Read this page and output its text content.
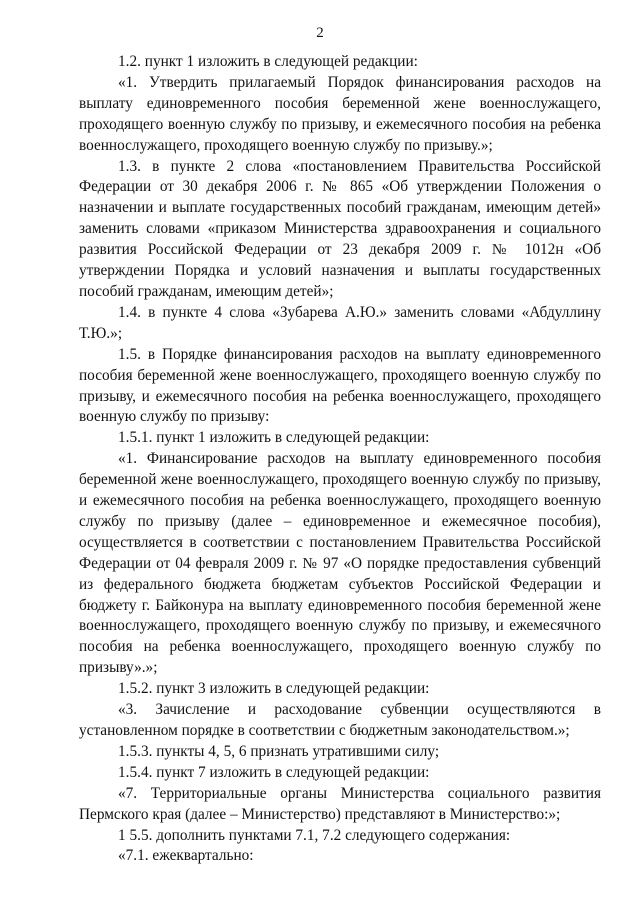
2

1.2. пункт 1 изложить в следующей редакции:

«1. Утвердить прилагаемый Порядок финансирования расходов на выплату единовременного пособия беременной жене военнослужащего, проходящего военную службу по призыву, и ежемесячного пособия на ребенка военнослужащего, проходящего военную службу по призыву.»;

1.3. в пункте 2 слова «постановлением Правительства Российской Федерации от 30 декабря 2006 г. № 865 «Об утверждении Положения о назначении и выплате государственных пособий гражданам, имеющим детей» заменить словами «приказом Министерства здравоохранения и социального развития Российской Федерации от 23 декабря 2009 г. № 1012н «Об утверждении Порядка и условий назначения и выплаты государственных пособий гражданам, имеющим детей»;

1.4. в пункте 4 слова «Зубарева А.Ю.» заменить словами «Абдуллину Т.Ю.»;

1.5. в Порядке финансирования расходов на выплату единовременного пособия беременной жене военнослужащего, проходящего военную службу по призыву, и ежемесячного пособия на ребенка военнослужащего, проходящего военную службу по призыву:

1.5.1. пункт 1 изложить в следующей редакции:

«1. Финансирование расходов на выплату единовременного пособия беременной жене военнослужащего, проходящего военную службу по призыву, и ежемесячного пособия на ребенка военнослужащего, проходящего военную службу по призыву (далее – единовременное и ежемесячное пособия), осуществляется в соответствии с постановлением Правительства Российской Федерации от 04 февраля 2009 г. № 97 «О порядке предоставления субвенций из федерального бюджета бюджетам субъектов Российской Федерации и бюджету г. Байконура на выплату единовременного пособия беременной жене военнослужащего, проходящего военную службу по призыву, и ежемесячного пособия на ребенка военнослужащего, проходящего военную службу по призыву».»;

1.5.2. пункт 3 изложить в следующей редакции:

«3. Зачисление и расходование субвенции осуществляются в установленном порядке в соответствии с бюджетным законодательством.»;

1.5.3. пункты 4, 5, 6 признать утратившими силу;

1.5.4. пункт 7 изложить в следующей редакции:

«7. Территориальные органы Министерства социального развития Пермского края (далее – Министерство) представляют в Министерство:»;

1 5.5. дополнить пунктами 7.1, 7.2 следующего содержания:

«7.1. ежеквартально:
